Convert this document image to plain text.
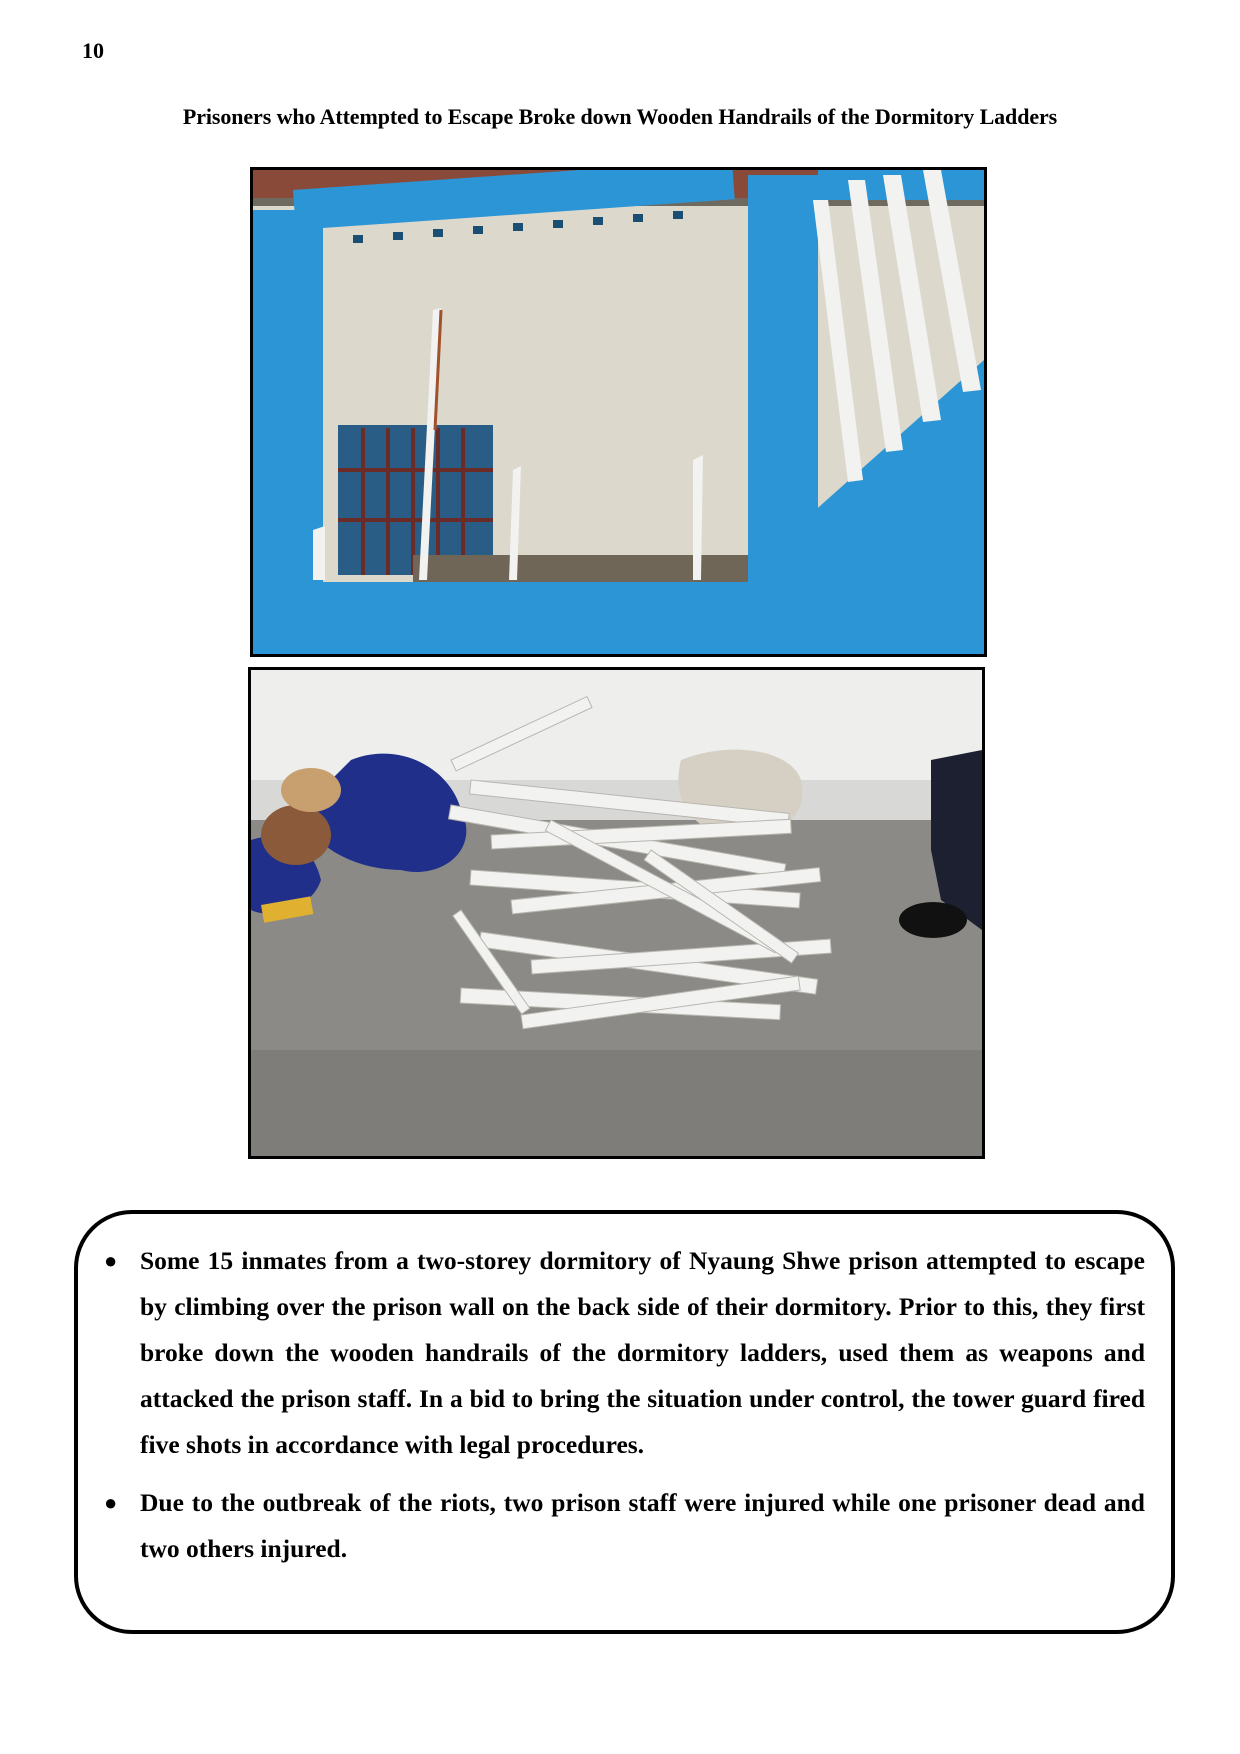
10
Prisoners who Attempted to Escape Broke down Wooden Handrails of the Dormitory Ladders
● Some 15 inmates from a two-storey dormitory of Nyaung Shwe prison attempted to escape by climbing over the prison wall on the back side of their dormitory. Prior to this, they first broke down the wooden handrails of the dormitory ladders, used them as weapons and attacked the prison staff. In a bid to bring the situation under control, the tower guard fired five shots in accordance with legal procedures.
● Due to the outbreak of the riots, two prison staff were injured while one prisoner dead and two others injured.
